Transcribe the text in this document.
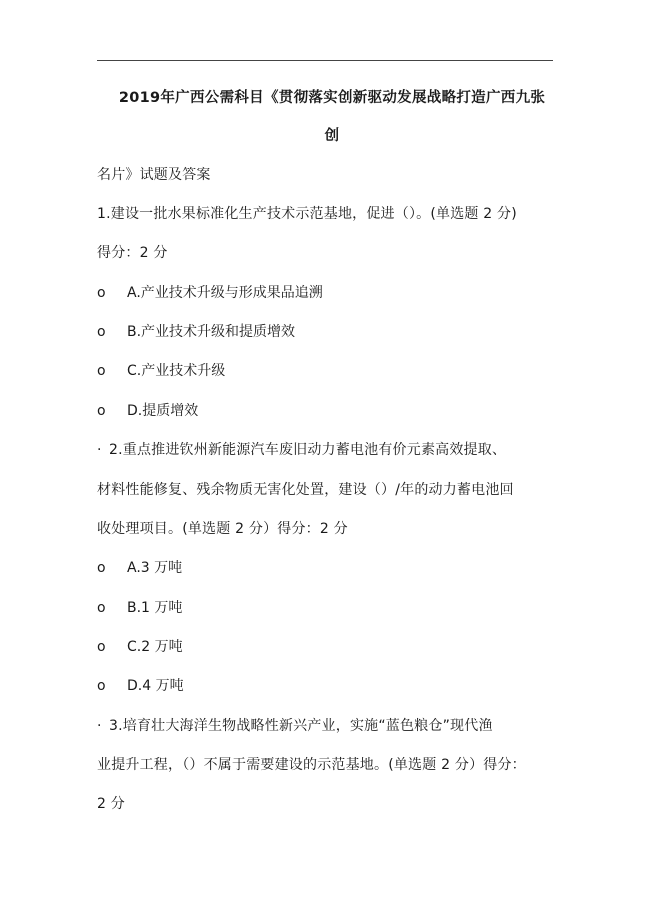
2019年广西公需科目《贯彻落实创新驱动发展战略打造广西九张
创
名片》试题及答案
1.建设一批水果标准化生产技术示范基地，促进（）。(单选题 2 分)
得分：2 分
o A.产业技术升级与形成果品追溯
o B.产业技术升级和提质增效
o C.产业技术升级
o D.提质增效
· 2.重点推进钦州新能源汽车废旧动力蓄电池有价元素高效提取、
材料性能修复、残余物质无害化处置，建设（）/年的动力蓄电池回
收处理项目。(单选题 2 分）得分：2 分
o A.3 万吨
o B.1 万吨
o C.2 万吨
o D.4 万吨
· 3.培育壮大海洋生物战略性新兴产业，实施“蓝色粮仓”现代渔
业提升工程，（）不属于需要建设的示范基地。(单选题 2 分）得分：
2 分
